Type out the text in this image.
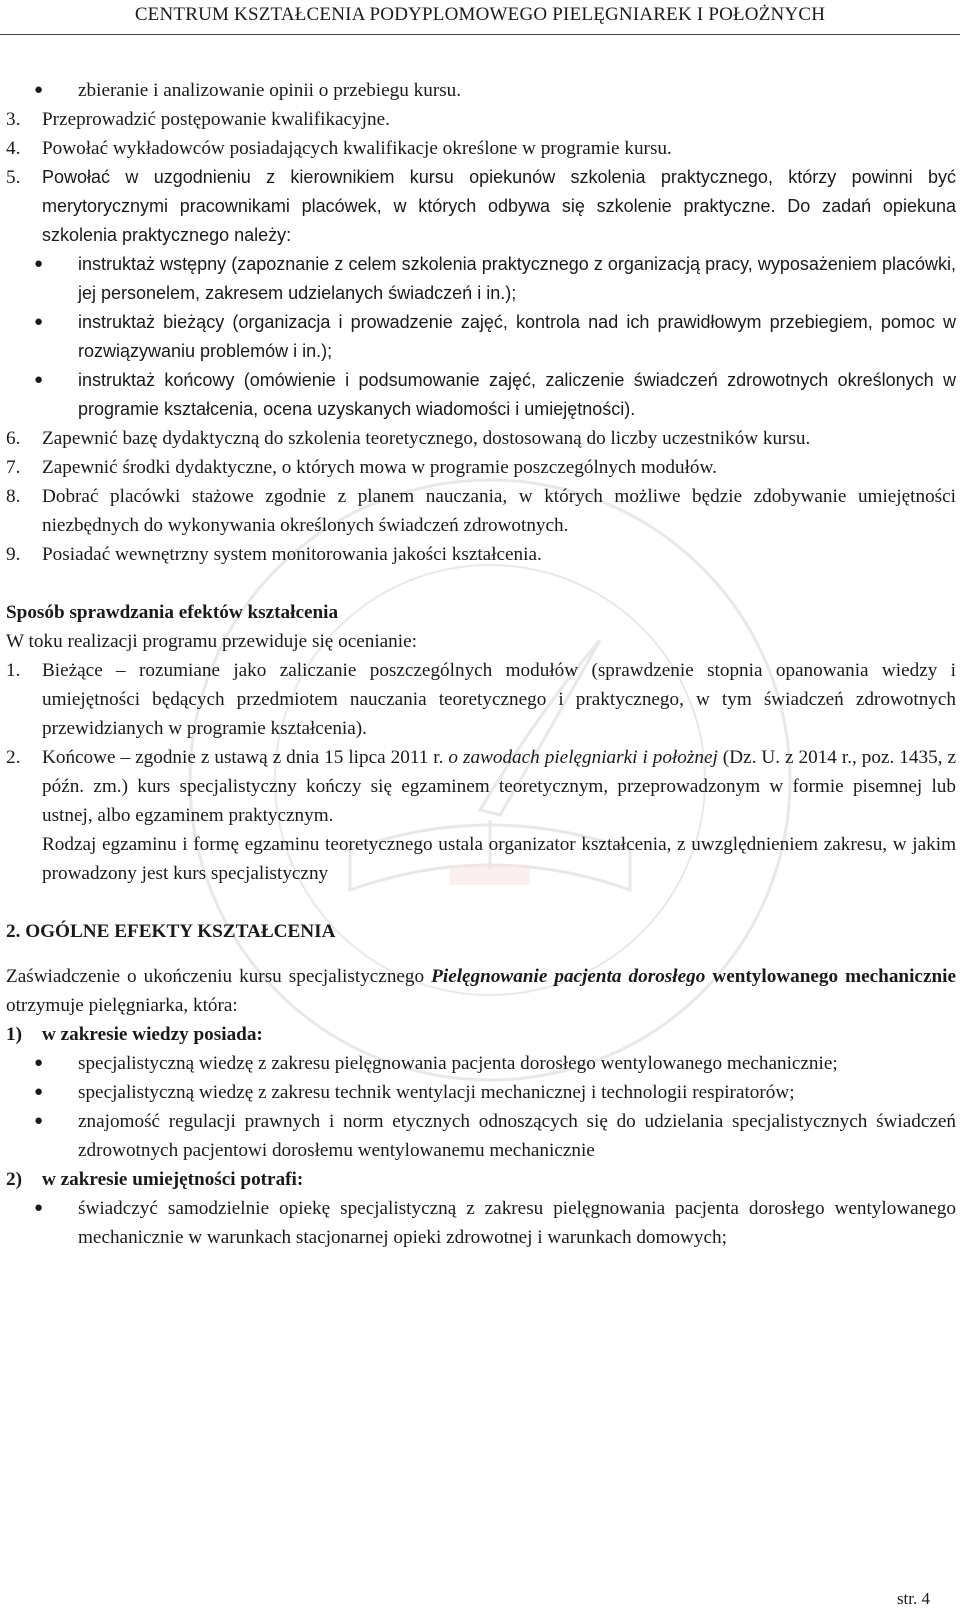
CENTRUM KSZTAŁCENIA PODYPLOMOWEGO PIELĘGNIAREK I POŁOŻNYCH
● zbieranie i analizowanie opinii o przebiegu kursu.
3. Przeprowadzić postępowanie kwalifikacyjne.
4. Powołać wykładowców posiadających kwalifikacje określone w programie kursu.
5. Powołać w uzgodnieniu z kierownikiem kursu opiekunów szkolenia praktycznego, którzy powinni być merytorycznymi pracownikami placówek, w których odbywa się szkolenie praktyczne. Do zadań opiekuna szkolenia praktycznego należy:
● instruktaż wstępny (zapoznanie z celem szkolenia praktycznego z organizacją pracy, wyposażeniem placówki, jej personelem, zakresem udzielanych świadczeń i in.);
● instruktaż bieżący (organizacja i prowadzenie zajęć, kontrola nad ich prawidłowym przebiegiem, pomoc w rozwiązywaniu problemów i in.);
● instruktaż końcowy (omówienie i podsumowanie zajęć, zaliczenie świadczeń zdrowotnych określonych w programie kształcenia, ocena uzyskanych wiadomości i umiejętności).
6. Zapewnić bazę dydaktyczną do szkolenia teoretycznego, dostosowaną do liczby uczestników kursu.
7. Zapewnić środki dydaktyczne, o których mowa w programie poszczególnych modułów.
8. Dobrać placówki stażowe zgodnie z planem nauczania, w których możliwe będzie zdobywanie umiejętności niezbędnych do wykonywania określonych świadczeń zdrowotnych.
9. Posiadać wewnętrzny system monitorowania jakości kształcenia.
Sposób sprawdzania efektów kształcenia
W toku realizacji programu przewiduje się ocenianie:
1. Bieżące – rozumiane jako zaliczanie poszczególnych modułów (sprawdzenie stopnia opanowania wiedzy i umiejętności będących przedmiotem nauczania teoretycznego i praktycznego, w tym świadczeń zdrowotnych przewidzianych w programie kształcenia).
2. Końcowe – zgodnie z ustawą z dnia 15 lipca 2011 r. o zawodach pielęgniarki i położnej (Dz. U. z 2014 r., poz. 1435, z późn. zm.) kurs specjalistyczny kończy się egzaminem teoretycznym, przeprowadzonym w formie pisemnej lub ustnej, albo egzaminem praktycznym.
Rodzaj egzaminu i formę egzaminu teoretycznego ustala organizator kształcenia, z uwzględnieniem zakresu, w jakim prowadzony jest kurs specjalistyczny
2. OGÓLNE EFEKTY KSZTAŁCENIA
Zaświadczenie o ukończeniu kursu specjalistycznego Pielęgnowanie pacjenta dorosłego wentylowanego mechanicznie otrzymuje pielęgniarka, która:
1) w zakresie wiedzy posiada:
● specjalistyczną wiedzę z zakresu pielęgnowania pacjenta dorosłego wentylowanego mechanicznie;
● specjalistyczną wiedzę z zakresu technik wentylacji mechanicznej i technologii respiratorów;
● znajomość regulacji prawnych i norm etycznych odnoszących się do udzielania specjalistycznych świadczeń zdrowotnych pacjentowi dorosłemu wentylowanemu mechanicznie
2) w zakresie umiejętności potrafi:
● świadczyć samodzielnie opiekę specjalistyczną z zakresu pielęgnowania pacjenta dorosłego wentylowanego mechanicznie w warunkach stacjonarnej opieki zdrowotnej i warunkach domowych;
str. 4
